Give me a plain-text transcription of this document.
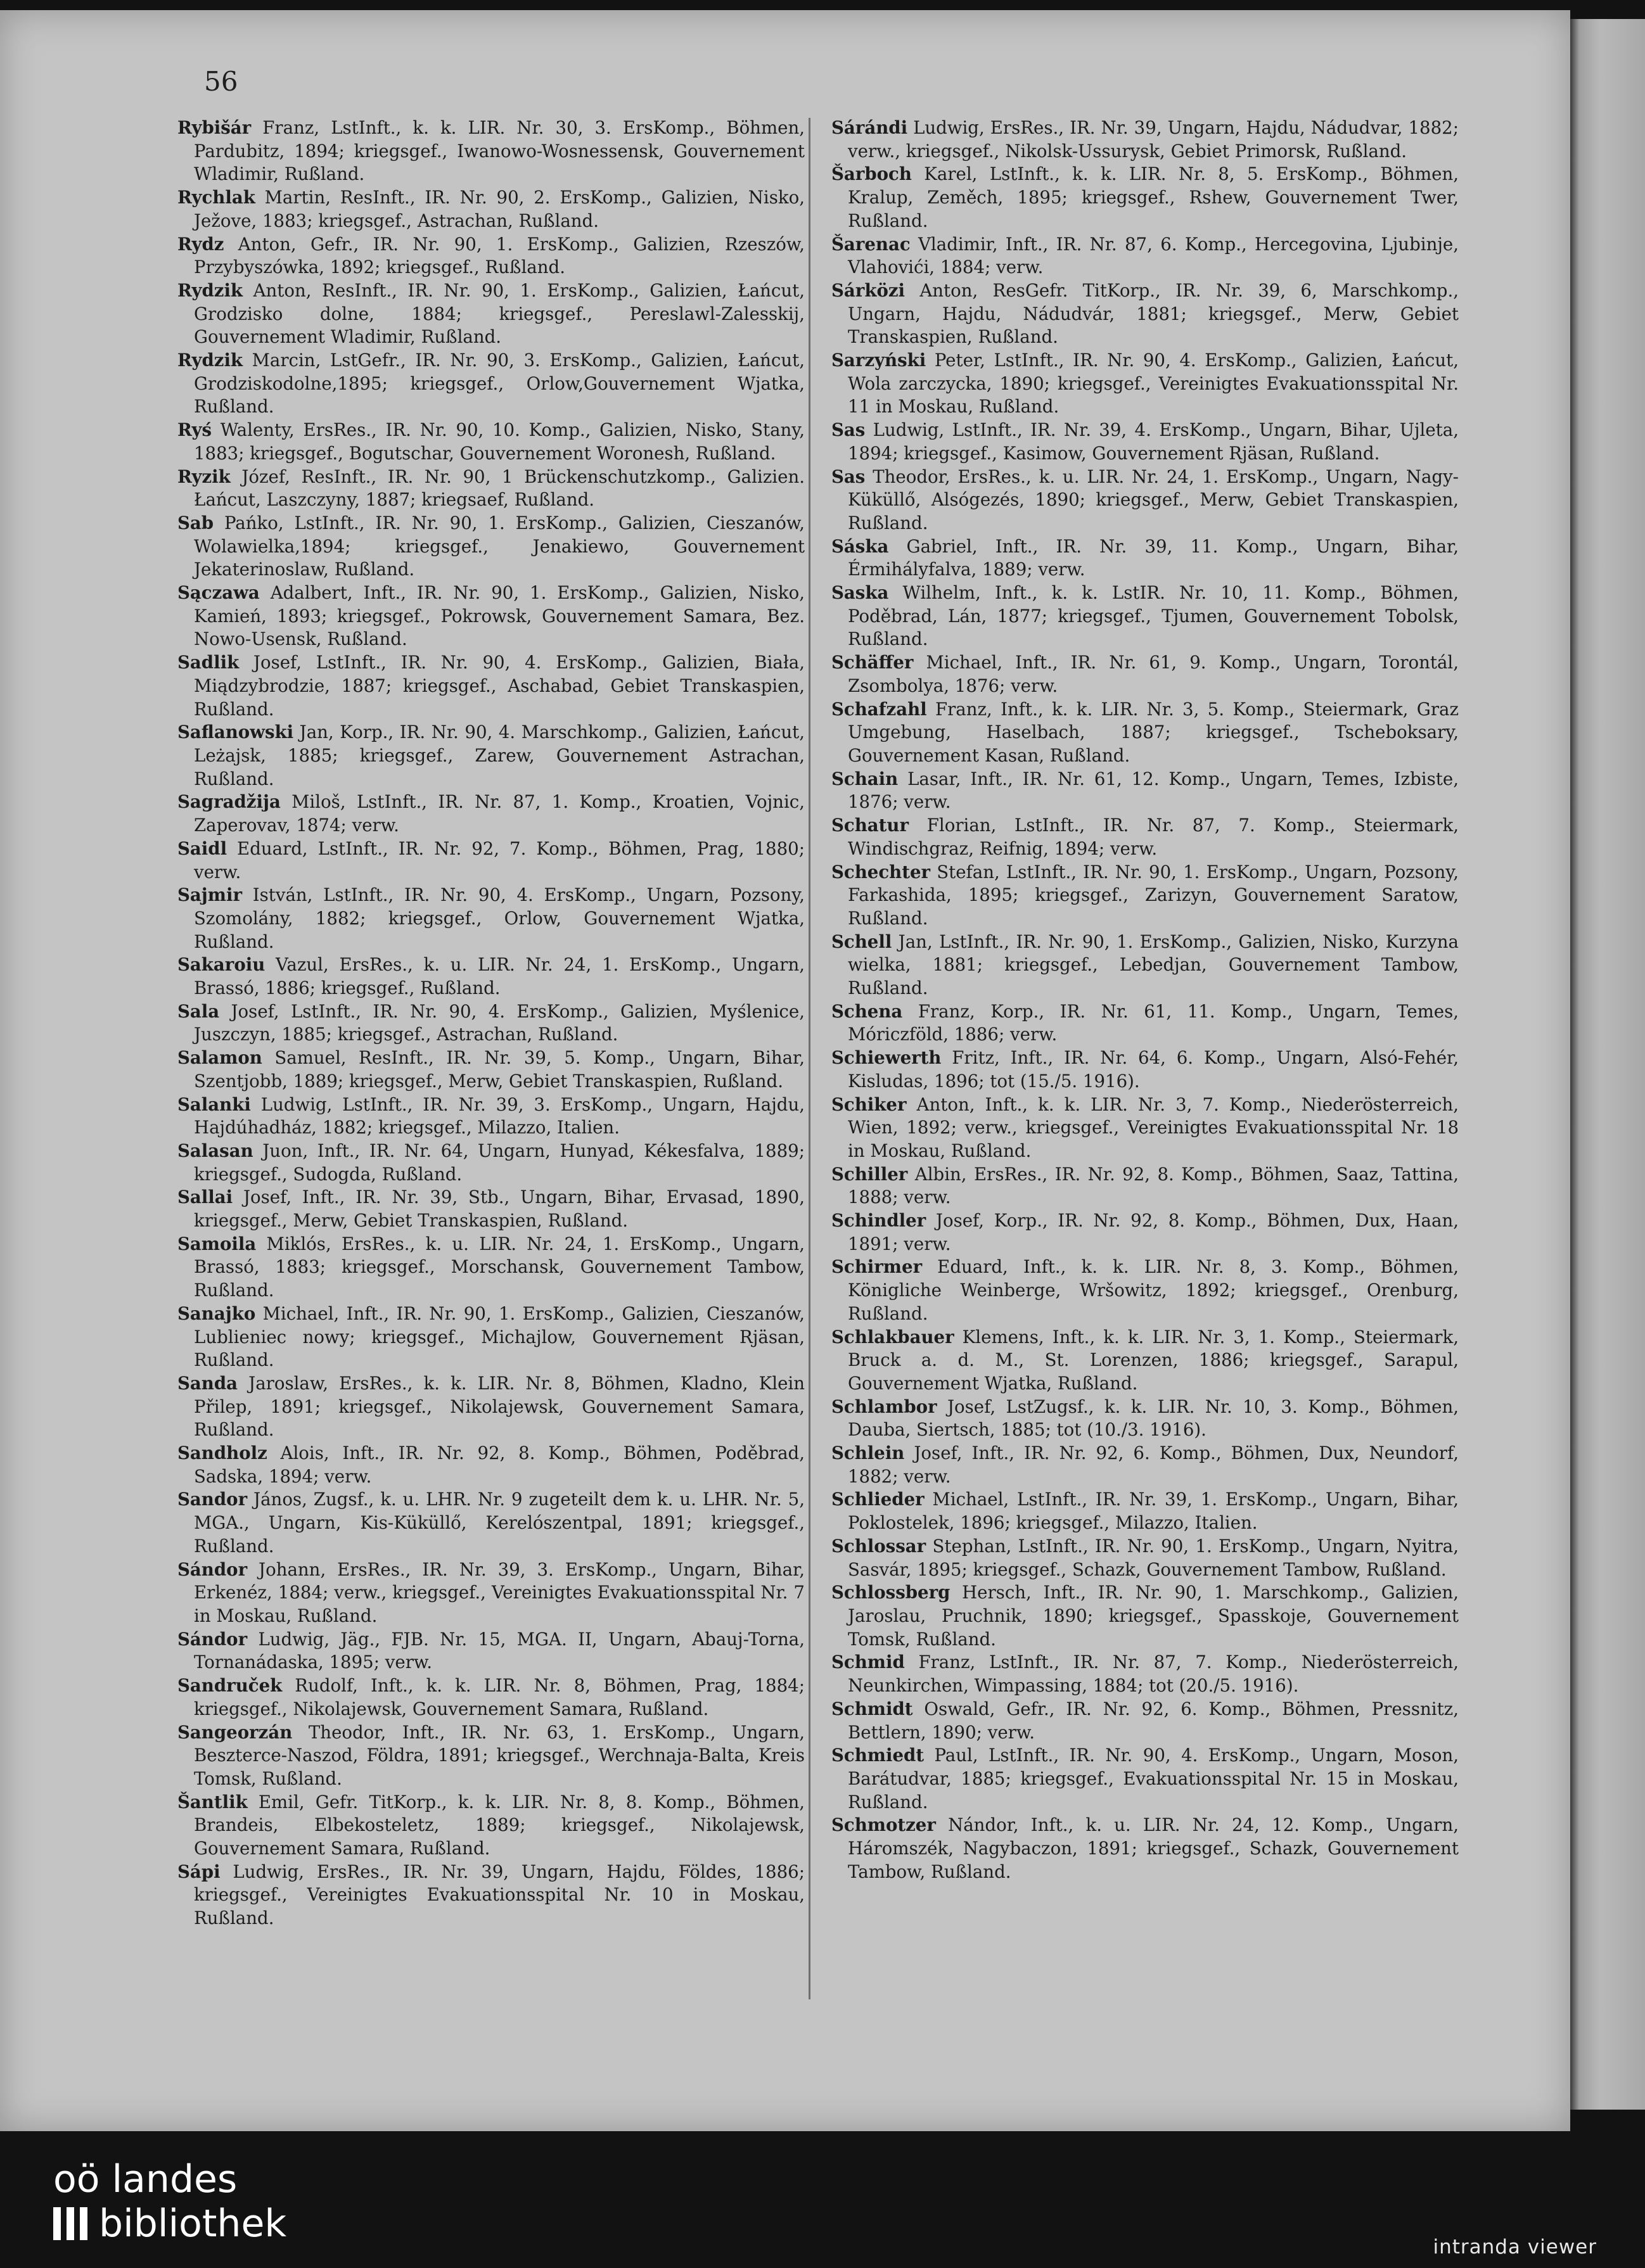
56
Rybišár Franz, LstInft., k. k. LIR. Nr. 30, 3. ErsKomp., Böhmen, Pardubitz, 1894; kriegsgef., Iwanowo-Wosnessensk, Gouvernement Wladimir, Rußland.
Rychlak Martin, ResInft., IR. Nr. 90, 2. ErsKomp., Galizien, Nisko, Ježove, 1883; kriegsgef., Astrachan, Rußland.
Rydz Anton, Gefr., IR. Nr. 90, 1. ErsKomp., Galizien, Rzeszów, Przybyszówka, 1892; kriegsgef., Rußland.
Rydzik Anton, ResInft., IR. Nr. 90, 1. ErsKomp., Galizien, Łańcut, Grodzisko dolne, 1884; kriegsgef., Pereslawl-Zalesskij, Gouvernement Wladimir, Rußland.
Rydzik Marcin, LstGefr., IR. Nr. 90, 3. ErsKomp., Galizien, Łańcut, Grodziskodolne,1895; kriegsgef., Orlow,Gouvernement Wjatka, Rußland.
Ryś Walenty, ErsRes., IR. Nr. 90, 10. Komp., Galizien, Nisko, Stany, 1883; kriegsgef., Bogutschar, Gouvernement Woronesh, Rußland.
Ryzik Józef, ResInft., IR. Nr. 90, 1 Brückenschutzkomp., Galizien. Łańcut, Laszczyny, 1887; kriegsaef, Rußland.
Sab Pańko, LstInft., IR. Nr. 90, 1. ErsKomp., Galizien, Cieszanów, Wolawielka,1894; kriegsgef., Jenakiewo, Gouvernement Jekaterinoslaw, Rußland.
Sączawa Adalbert, Inft., IR. Nr. 90, 1. ErsKomp., Galizien, Nisko, Kamień, 1893; kriegsgef., Pokrowsk, Gouvernement Samara, Bez. Nowo-Usensk, Rußland.
Sadlik Josef, LstInft., IR. Nr. 90, 4. ErsKomp., Galizien, Biała, Miądzybrodzie, 1887; kriegsgef., Aschabad, Gebiet Transkaspien, Rußland.
Saflanowski Jan, Korp., IR. Nr. 90, 4. Marschkomp., Galizien, Łańcut, Leżajsk, 1885; kriegsgef., Zarew, Gouvernement Astrachan, Rußland.
Sagradžija Miloš, LstInft., IR. Nr. 87, 1. Komp., Kroatien, Vojnic, Zaperovav, 1874; verw.
Saidl Eduard, LstInft., IR. Nr. 92, 7. Komp., Böhmen, Prag, 1880; verw.
Sajmir István, LstInft., IR. Nr. 90, 4. ErsKomp., Ungarn, Pozsony, Szomolány, 1882; kriegsgef., Orlow, Gouvernement Wjatka, Rußland.
Sakaroiu Vazul, ErsRes., k. u. LIR. Nr. 24, 1. ErsKomp., Ungarn, Brassó, 1886; kriegsgef., Rußland.
Sala Josef, LstInft., IR. Nr. 90, 4. ErsKomp., Galizien, Myślenice, Juszczyn, 1885; kriegsgef., Astrachan, Rußland.
Salamon Samuel, ResInft., IR. Nr. 39, 5. Komp., Ungarn, Bihar, Szentjobb, 1889; kriegsgef., Merw, Gebiet Transkaspien, Rußland.
Salanki Ludwig, LstInft., IR. Nr. 39, 3. ErsKomp., Ungarn, Hajdu, Hajdúhadház, 1882; kriegsgef., Milazzo, Italien.
Salasan Juon, Inft., IR. Nr. 64, Ungarn, Hunyad, Kékesfalva, 1889; kriegsgef., Sudogda, Rußland.
Sallai Josef, Inft., IR. Nr. 39, Stb., Ungarn, Bihar, Ervasad, 1890, kriegsgef., Merw, Gebiet Transkaspien, Rußland.
Samoila Miklós, ErsRes., k. u. LIR. Nr. 24, 1. ErsKomp., Ungarn, Brassó, 1883; kriegsgef., Morschansk, Gouvernement Tambow, Rußland.
Sanajko Michael, Inft., IR. Nr. 90, 1. ErsKomp., Galizien, Cieszanów, Lublieniec nowy; kriegsgef., Michajlow, Gouvernement Rjäsan, Rußland.
Sanda Jaroslaw, ErsRes., k. k. LIR. Nr. 8, Böhmen, Kladno, Klein Přilep, 1891; kriegsgef., Nikolajewsk, Gouvernement Samara, Rußland.
Sandholz Alois, Inft., IR. Nr. 92, 8. Komp., Böhmen, Poděbrad, Sadska, 1894; verw.
Sandor János, Zugsf., k. u. LHR. Nr. 9 zugeteilt dem k. u. LHR. Nr. 5, MGA., Ungarn, Kis-Küküllő, Kerelószentpal, 1891; kriegsgef., Rußland.
Sándor Johann, ErsRes., IR. Nr. 39, 3. ErsKomp., Ungarn, Bihar, Erkenéz, 1884; verw., kriegsgef., Vereinigtes Evakuationsspital Nr. 7 in Moskau, Rußland.
Sándor Ludwig, Jäg., FJB. Nr. 15, MGA. II, Ungarn, Abauj-Torna, Tornanádaska, 1895; verw.
Sandruček Rudolf, Inft., k. k. LIR. Nr. 8, Böhmen, Prag, 1884; kriegsgef., Nikolajewsk, Gouvernement Samara, Rußland.
Sangeorzán Theodor, Inft., IR. Nr. 63, 1. ErsKomp., Ungarn, Beszterce-Naszod, Földra, 1891; kriegsgef., Werchnaja-Balta, Kreis Tomsk, Rußland.
Šantlik Emil, Gefr. TitKorp., k. k. LIR. Nr. 8, 8. Komp., Böhmen, Brandeis, Elbekosteletz, 1889; kriegsgef., Nikolajewsk, Gouvernement Samara, Rußland.
Sápi Ludwig, ErsRes., IR. Nr. 39, Ungarn, Hajdu, Földes, 1886; kriegsgef., Vereinigtes Evakuationsspital Nr. 10 in Moskau, Rußland.
Sárándi Ludwig, ErsRes., IR. Nr. 39, Ungarn, Hajdu, Nádudvar, 1882; verw., kriegsgef., Nikolsk-Ussurysk, Gebiet Primorsk, Rußland.
Šarboch Karel, LstInft., k. k. LIR. Nr. 8, 5. ErsKomp., Böhmen, Kralup, Zeměch, 1895; kriegsgef., Rshew, Gouvernement Twer, Rußland.
Šarenac Vladimir, Inft., IR. Nr. 87, 6. Komp., Hercegovina, Ljubinje, Vlahovići, 1884; verw.
Sárközi Anton, ResGefr. TitKorp., IR. Nr. 39, 6, Marschkomp., Ungarn, Hajdu, Nádudvár, 1881; kriegsgef., Merw, Gebiet Transkaspien, Rußland.
Sarzyński Peter, LstInft., IR. Nr. 90, 4. ErsKomp., Galizien, Łańcut, Wola zarczycka, 1890; kriegsgef., Vereinigtes Evakuationsspital Nr. 11 in Moskau, Rußland.
Sas Ludwig, LstInft., IR. Nr. 39, 4. ErsKomp., Ungarn, Bihar, Ujleta, 1894; kriegsgef., Kasimow, Gouvernement Rjäsan, Rußland.
Sas Theodor, ErsRes., k. u. LIR. Nr. 24, 1. ErsKomp., Ungarn, Nagy-Küküllő, Alsógezés, 1890; kriegsgef., Merw, Gebiet Transkaspien, Rußland.
Sáska Gabriel, Inft., IR. Nr. 39, 11. Komp., Ungarn, Bihar, Érmihályfalva, 1889; verw.
Saska Wilhelm, Inft., k. k. LstIR. Nr. 10, 11. Komp., Böhmen, Poděbrad, Lán, 1877; kriegsgef., Tjumen, Gouvernement Tobolsk, Rußland.
Schäffer Michael, Inft., IR. Nr. 61, 9. Komp., Ungarn, Torontál, Zsombolya, 1876; verw.
Schafzahl Franz, Inft., k. k. LIR. Nr. 3, 5. Komp., Steiermark, Graz Umgebung, Haselbach, 1887; kriegsgef., Tscheboksary, Gouvernement Kasan, Rußland.
Schain Lasar, Inft., IR. Nr. 61, 12. Komp., Ungarn, Temes, Izbiste, 1876; verw.
Schatur Florian, LstInft., IR. Nr. 87, 7. Komp., Steiermark, Windischgraz, Reifnig, 1894; verw.
Schechter Stefan, LstInft., IR. Nr. 90, 1. ErsKomp., Ungarn, Pozsony, Farkashida, 1895; kriegsgef., Zarizyn, Gouvernement Saratow, Rußland.
Schell Jan, LstInft., IR. Nr. 90, 1. ErsKomp., Galizien, Nisko, Kurzyna wielka, 1881; kriegsgef., Lebedjan, Gouvernement Tambow, Rußland.
Schena Franz, Korp., IR. Nr. 61, 11. Komp., Ungarn, Temes, Móriczföld, 1886; verw.
Schiewerth Fritz, Inft., IR. Nr. 64, 6. Komp., Ungarn, Alsó-Fehér, Kisludas, 1896; tot (15./5. 1916).
Schiker Anton, Inft., k. k. LIR. Nr. 3, 7. Komp., Niederösterreich, Wien, 1892; verw., kriegsgef., Vereinigtes Evakuationsspital Nr. 18 in Moskau, Rußland.
Schiller Albin, ErsRes., IR. Nr. 92, 8. Komp., Böhmen, Saaz, Tattina, 1888; verw.
Schindler Josef, Korp., IR. Nr. 92, 8. Komp., Böhmen, Dux, Haan, 1891; verw.
Schirmer Eduard, Inft., k. k. LIR. Nr. 8, 3. Komp., Böhmen, Königliche Weinberge, Wršowitz, 1892; kriegsgef., Orenburg, Rußland.
Schlakbauer Klemens, Inft., k. k. LIR. Nr. 3, 1. Komp., Steiermark, Bruck a. d. M., St. Lorenzen, 1886; kriegsgef., Sarapul, Gouvernement Wjatka, Rußland.
Schlambor Josef, LstZugsf., k. k. LIR. Nr. 10, 3. Komp., Böhmen, Dauba, Siertsch, 1885; tot (10./3. 1916).
Schlein Josef, Inft., IR. Nr. 92, 6. Komp., Böhmen, Dux, Neundorf, 1882; verw.
Schlieder Michael, LstInft., IR. Nr. 39, 1. ErsKomp., Ungarn, Bihar, Poklostelek, 1896; kriegsgef., Milazzo, Italien.
Schlossar Stephan, LstInft., IR. Nr. 90, 1. ErsKomp., Ungarn, Nyitra, Sasvár, 1895; kriegsgef., Schazk, Gouvernement Tambow, Rußland.
Schlossberg Hersch, Inft., IR. Nr. 90, 1. Marschkomp., Galizien, Jaroslau, Pruchnik, 1890; kriegsgef., Spasskoje, Gouvernement Tomsk, Rußland.
Schmid Franz, LstInft., IR. Nr. 87, 7. Komp., Niederösterreich, Neunkirchen, Wimpassing, 1884; tot (20./5. 1916).
Schmidt Oswald, Gefr., IR. Nr. 92, 6. Komp., Böhmen, Pressnitz, Bettlern, 1890; verw.
Schmiedt Paul, LstInft., IR. Nr. 90, 4. ErsKomp., Ungarn, Moson, Barátudvar, 1885; kriegsgef., Evakuationsspital Nr. 15 in Moskau, Rußland.
Schmotzer Nándor, Inft., k. u. LIR. Nr. 24, 12. Komp., Ungarn, Háromszék, Nagybaczon, 1891; kriegsgef., Schazk, Gouvernement Tambow, Rußland.
oö landes
bibliothek
intranda viewer
